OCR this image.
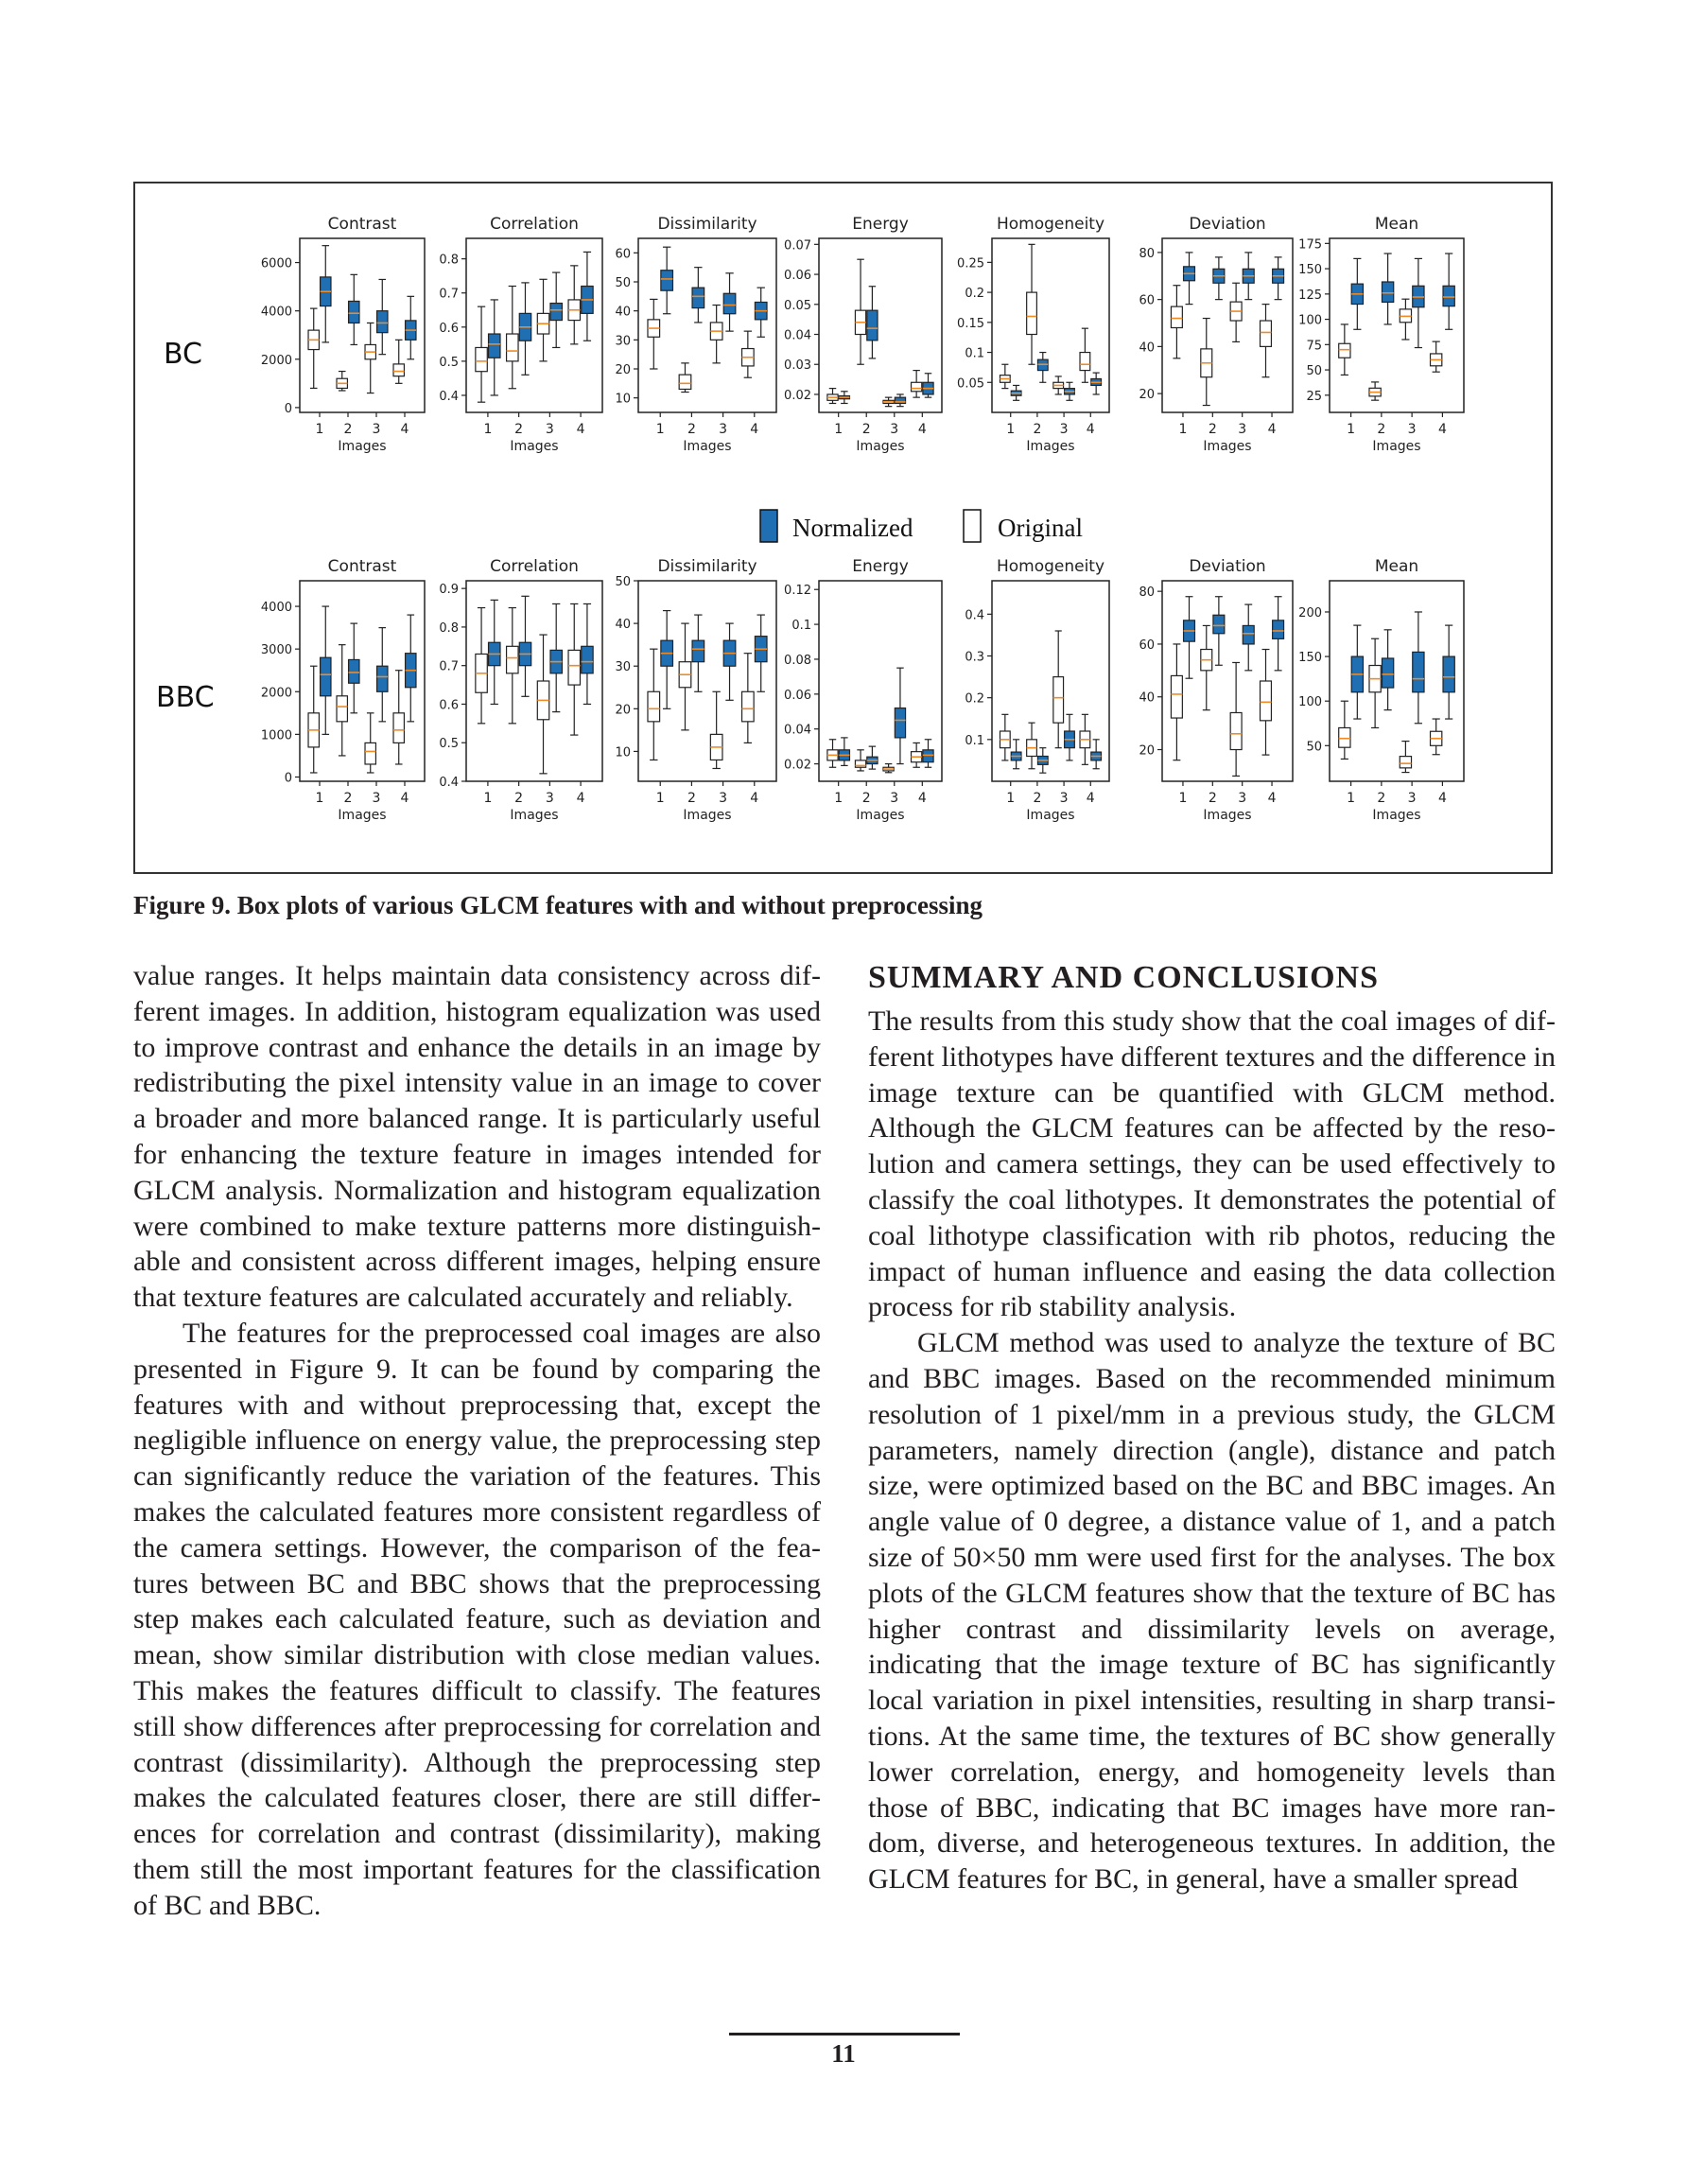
BC
BBC
Normalized	Original
Contrast
0
2000
4000
6000
1 2 3 4
Images
Correlation
0.4
0.5
0.6
0.7
0.8
1 2 3 4
Images
Dissimilarity
10
20
30
40
50
60
1 2 3 4
Images
Energy
0.02
0.03
0.04
0.05
0.06
0.07
1 2 3 4
Images
Homogeneity
0.05
0.1
0.15
0.2
0.25
1 2 3 4
Images
Deviation
20
40
60
80
1 2 3 4
Images
Mean
25
50
75
100
125
150
175
1 2 3 4
Images
Contrast
0
1000
2000
3000
4000
1 2 3 4
Images
Correlation
0.4
0.5
0.6
0.7
0.8
0.9
1 2 3 4
Images
Dissimilarity
10
20
30
40
50
1 2 3 4
Images
Energy
0.02
0.04
0.06
0.08
0.1
0.12
1 2 3 4
Images
Homogeneity
0.1
0.2
0.3
0.4
1 2 3 4
Images
Deviation
20
40
60
80
1 2 3 4
Images
Mean
50
100
150
200
1 2 3 4
Images
Figure 9. Box plots of various GLCM features with and without preprocessing

value ranges. It helps maintain data consistency across different images. In addition, histogram equalization was used to improve contrast and enhance the details in an image by redistributing the pixel intensity value in an image to cover a broader and more balanced range. It is particularly useful for enhancing the texture feature in images intended for GLCM analysis. Normalization and histogram equalization were combined to make texture patterns more distinguishable and consistent across different images, helping ensure that texture features are calculated accurately and reliably.

The features for the preprocessed coal images are also presented in Figure 9. It can be found by comparing the features with and without preprocessing that, except the negligible influence on energy value, the preprocessing step can significantly reduce the variation of the features. This makes the calculated features more consistent regardless of the camera settings. However, the comparison of the features between BC and BBC shows that the preprocessing step makes each calculated feature, such as deviation and mean, show similar distribution with close median values. This makes the features difficult to classify. The features still show differences after preprocessing for correlation and contrast (dissimilarity). Although the preprocessing step makes the calculated features closer, there are still differences for correlation and contrast (dissimilarity), making them still the most important features for the classification of BC and BBC.

SUMMARY AND CONCLUSIONS

The results from this study show that the coal images of different lithotypes have different textures and the difference in image texture can be quantified with GLCM method. Although the GLCM features can be affected by the resolution and camera settings, they can be used effectively to classify the coal lithotypes. It demonstrates the potential of coal lithotype classification with rib photos, reducing the impact of human influence and easing the data collection process for rib stability analysis.

GLCM method was used to analyze the texture of BC and BBC images. Based on the recommended minimum resolution of 1 pixel/mm in a previous study, the GLCM parameters, namely direction (angle), distance and patch size, were optimized based on the BC and BBC images. An angle value of 0 degree, a distance value of 1, and a patch size of 50×50 mm were used first for the analyses. The box plots of the GLCM features show that the texture of BC has higher contrast and dissimilarity levels on average, indicating that the image texture of BC has significantly local variation in pixel intensities, resulting in sharp transitions. At the same time, the textures of BC show generally lower correlation, energy, and homogeneity levels than those of BBC, indicating that BC images have more random, diverse, and heterogeneous textures. In addition, the GLCM features for BC, in general, have a smaller spread

11
